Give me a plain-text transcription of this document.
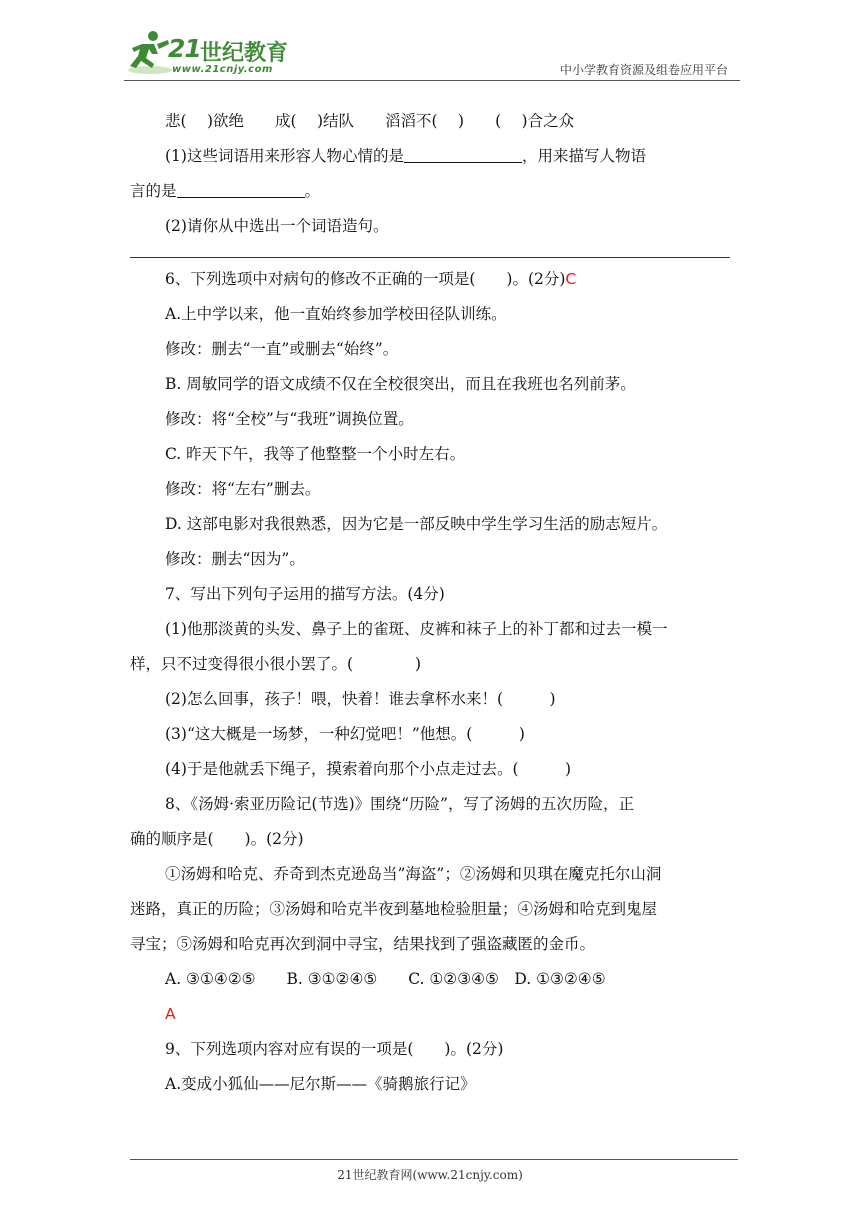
21 世纪教育
www.21cnjy.com	中小学教育资源及组卷应用平台
悲(　 )欲绝　　成(　 )结队　　滔滔不(　 )　　(　 )合之众
(1)这些词语用来形容人物心情的是	，用来描写人物语
言的是	。
(2)请你从中选出一个词语造句。
6、下列选项中对病句的修改不正确的一项是(　　)。(2分)C
A.上中学以来，他一直始终参加学校田径队训练。
修改：删去“一直”或删去“始终”。
B. 周敏同学的语文成绩不仅在全校很突出，而且在我班也名列前茅。
修改：将“全校”与“我班”调换位置。
C. 昨天下午，我等了他整整一个小时左右。
修改：将“左右”删去。
D. 这部电影对我很熟悉，因为它是一部反映中学生学习生活的励志短片。
修改：删去“因为”。
7、写出下列句子运用的描写方法。(4分)
(1)他那淡黄的头发、鼻子上的雀斑、皮裤和袜子上的补丁都和过去一模一
样，只不过变得很小很小罢了。(　　　　)
(2)怎么回事，孩子！喂，快着！谁去拿杯水来！(　　　)
(3)“这大概是一场梦，一种幻觉吧！”他想。(　　　)
(4)于是他就丢下绳子，摸索着向那个小点走过去。(　　　)
8、《汤姆·索亚历险记(节选)》围绕“历险”，写了汤姆的五次历险，正
确的顺序是(　　)。(2分)
①汤姆和哈克、乔奇到杰克逊岛当”海盗”；②汤姆和贝琪在魔克托尔山洞
迷路，真正的历险；③汤姆和哈克半夜到墓地检验胆量；④汤姆和哈克到鬼屋
寻宝；⑤汤姆和哈克再次到洞中寻宝，结果找到了强盗藏匿的金币。
A. ③①④②⑤　　B. ③①②④⑤　　C. ①②③④⑤　D. ①③②④⑤
A
9、下列选项内容对应有误的一项是(　　)。(2分)
A.变成小狐仙——尼尔斯——《骑鹅旅行记》
21世纪教育网(www.21cnjy.com)
